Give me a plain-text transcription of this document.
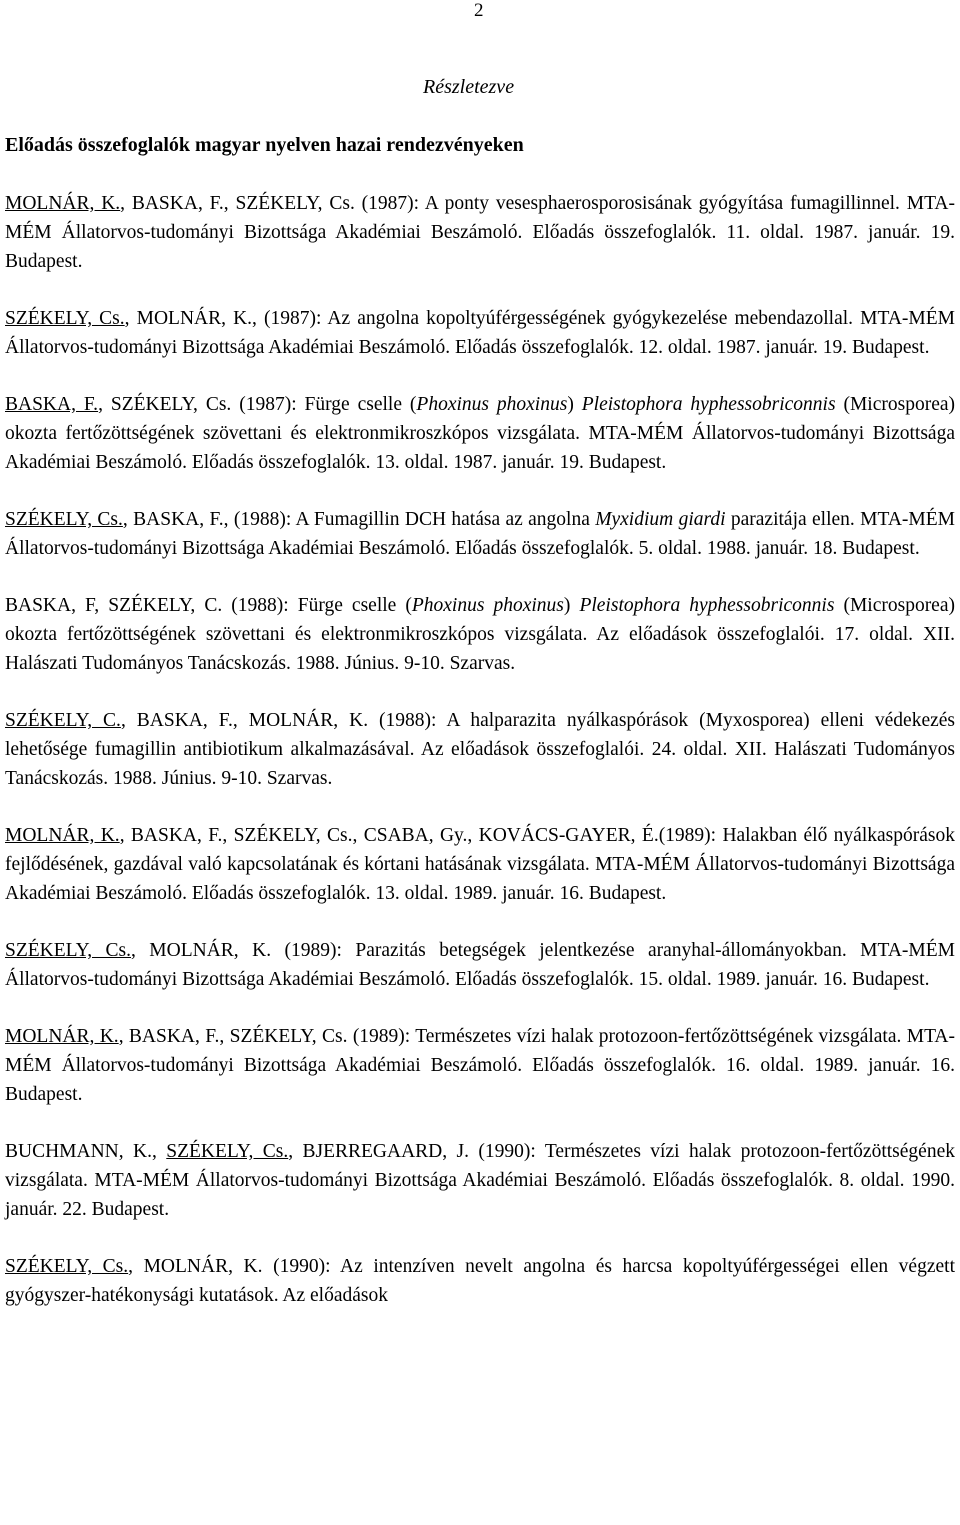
2
Részletezve
Előadás összefoglalók magyar nyelven hazai rendezvényeken

MOLNÁR, K., BASKA, F., SZÉKELY, Cs. (1987): A ponty vesesphaerosporosisának gyógyítása fumagillinnel. MTA-MÉM Állatorvos-tudományi Bizottsága Akadémiai Beszámoló. Előadás összefoglalók. 11. oldal. 1987. január. 19. Budapest.

SZÉKELY, Cs., MOLNÁR, K., (1987): Az angolna kopoltyúférgességének gyógykezelése mebendazollal. MTA-MÉM Állatorvos-tudományi Bizottsága Akadémiai Beszámoló. Előadás összefoglalók. 12. oldal. 1987. január. 19. Budapest.

BASKA, F., SZÉKELY, Cs. (1987): Fürge cselle (Phoxinus phoxinus) Pleistophora hyphessobriconnis (Microsporea) okozta fertőzöttségének szövettani és elektronmikroszkópos vizsgálata. MTA-MÉM Állatorvos-tudományi Bizottsága Akadémiai Beszámoló. Előadás összefoglalók. 13. oldal. 1987. január. 19. Budapest.

SZÉKELY, Cs., BASKA, F., (1988): A Fumagillin DCH hatása az angolna Myxidium giardi parazitája ellen. MTA-MÉM Állatorvos-tudományi Bizottsága Akadémiai Beszámoló. Előadás összefoglalók. 5. oldal. 1988. január. 18. Budapest.

BASKA, F, SZÉKELY, C. (1988): Fürge cselle (Phoxinus phoxinus) Pleistophora hyphessobriconnis (Microsporea) okozta fertőzöttségének szövettani és elektronmikroszkópos vizsgálata. Az előadások összefoglalói. 17. oldal. XII. Halászati Tudományos Tanácskozás. 1988. Június. 9-10. Szarvas.

SZÉKELY, C., BASKA, F., MOLNÁR, K. (1988): A halparazita nyálkaspórások (Myxosporea) elleni védekezés lehetősége fumagillin antibiotikum alkalmazásával. Az előadások összefoglalói. 24. oldal. XII. Halászati Tudományos Tanácskozás. 1988. Június. 9-10. Szarvas.

MOLNÁR, K., BASKA, F., SZÉKELY, Cs., CSABA, Gy., KOVÁCS-GAYER, É.(1989): Halakban élő nyálkaspórások fejlődésének, gazdával való kapcsolatának és kórtani hatásának vizsgálata. MTA-MÉM Állatorvos-tudományi Bizottsága Akadémiai Beszámoló. Előadás összefoglalók. 13. oldal. 1989. január. 16. Budapest.

SZÉKELY, Cs., MOLNÁR, K. (1989): Parazitás betegségek jelentkezése aranyhal-állományokban. MTA-MÉM Állatorvos-tudományi Bizottsága Akadémiai Beszámoló. Előadás összefoglalók. 15. oldal. 1989. január. 16. Budapest.

MOLNÁR, K., BASKA, F., SZÉKELY, Cs. (1989): Természetes vízi halak protozoon-fertőzöttségének vizsgálata. MTA-MÉM Állatorvos-tudományi Bizottsága Akadémiai Beszámoló. Előadás összefoglalók. 16. oldal. 1989. január. 16. Budapest.

BUCHMANN, K., SZÉKELY, Cs., BJERREGAARD, J. (1990): Természetes vízi halak protozoon-fertőzöttségének vizsgálata. MTA-MÉM Állatorvos-tudományi Bizottsága Akadémiai Beszámoló. Előadás összefoglalók. 8. oldal. 1990. január. 22. Budapest.

SZÉKELY, Cs., MOLNÁR, K. (1990): Az intenzíven nevelt angolna és harcsa kopoltyúférgességei ellen végzett gyógyszer-hatékonysági kutatások. Az előadások
